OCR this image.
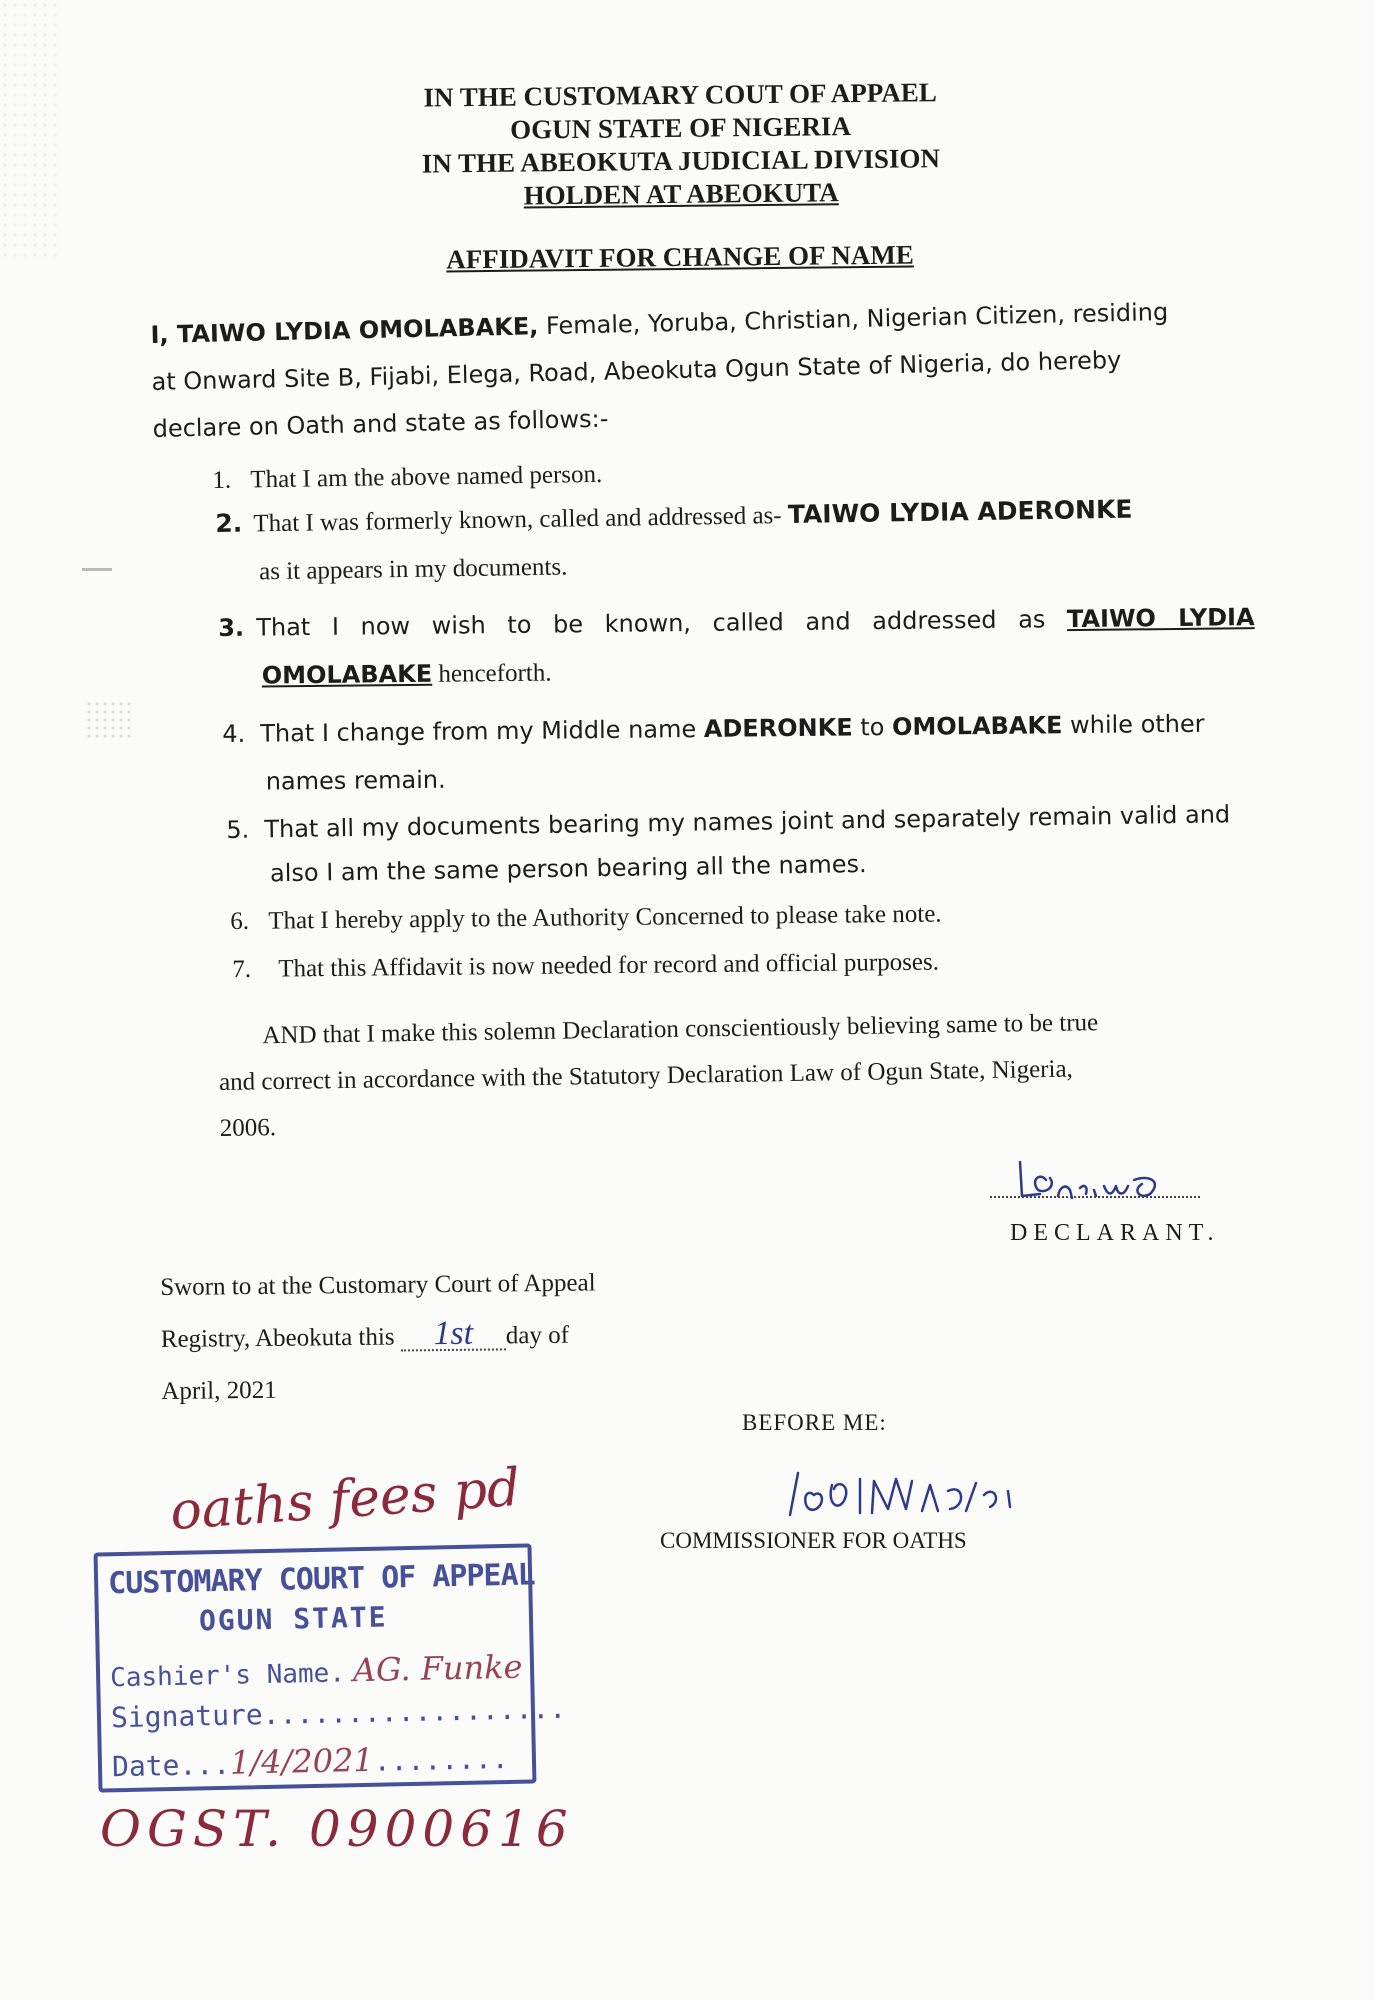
IN THE CUSTOMARY COUT OF APPAEL
OGUN STATE OF NIGERIA
IN THE ABEOKUTA JUDICIAL DIVISION
HOLDEN AT ABEOKUTA
AFFIDAVIT FOR CHANGE OF NAME
I, TAIWO LYDIA OMOLABAKE, Female, Yoruba, Christian, Nigerian Citizen, residing
at Onward Site B, Fijabi, Elega, Road, Abeokuta Ogun State of Nigeria, do hereby
declare on Oath and state as follows:-
1. That I am the above named person.
2. That I was formerly known, called and addressed as- TAIWO LYDIA ADERONKE
as it appears in my documents.
3. That I now wish to be known, called and addressed as TAIWO LYDIA
OMOLABAKE henceforth.
4. That I change from my Middle name ADERONKE to OMOLABAKE while other
names remain.
5. That all my documents bearing my names joint and separately remain valid and
also I am the same person bearing all the names.
6. That I hereby apply to the Authority Concerned to please take note.
7. That this Affidavit is now needed for record and official purposes.
AND that I make this solemn Declaration conscientiously believing same to be true
and correct in accordance with the Statutory Declaration Law of Ogun State, Nigeria,
2006.
DECLARANT.
Sworn to at the Customary Court of Appeal
Registry, Abeokuta this 1st day of
April, 2021
BEFORE ME:
COMMISSIONER FOR OATHS
oaths fees pd
CUSTOMARY COURT OF APPEAL
OGUN STATE
Cashier's Name. AG. Funke
Signature..................
Date...1/4/2021........
OGST. 0900616
